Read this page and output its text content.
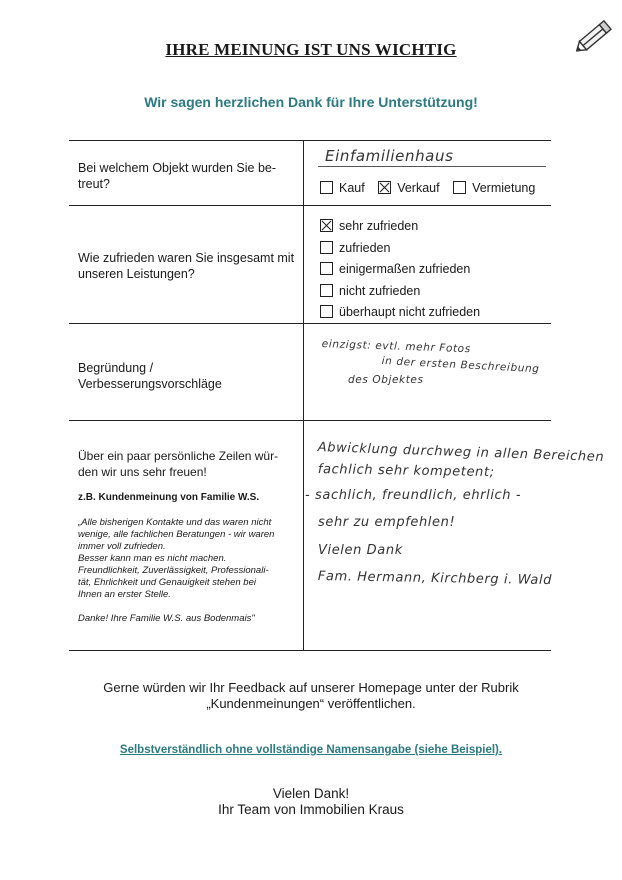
IHRE MEINUNG IST UNS WICHTIG
Wir sagen herzlichen Dank für Ihre Unterstützung!
Bei welchem Objekt wurden Sie be-
treut?
Einfamilienhaus
Kauf	Verkauf	Vermietung
Wie zufrieden waren Sie insgesamt mit
unseren Leistungen?
sehr zufrieden
zufrieden
einigermaßen zufrieden
nicht zufrieden
überhaupt nicht zufrieden
Begründung /
Verbesserungsvorschläge
einzigst: evtl. mehr Fotos
in der ersten Beschreibung
des Objektes
Über ein paar persönliche Zeilen wür-
den wir uns sehr freuen!
z.B. Kundenmeinung von Familie W.S.
„Alle bisherigen Kontakte und das waren nicht
wenige, alle fachlichen Beratungen - wir waren
immer voll zufrieden.
Besser kann man es nicht machen.
Freundlichkeit, Zuverlässigkeit, Professionali-
tät, Ehrlichkeit und Genauigkeit stehen bei
Ihnen an erster Stelle.
Danke! Ihre Familie W.S. aus Bodenmais"
Abwicklung durchweg in allen Bereichen
fachlich sehr kompetent;
- sachlich, freundlich, ehrlich -
sehr zu empfehlen!
Vielen Dank
Fam. Hermann, Kirchberg i. Wald
Gerne würden wir Ihr Feedback auf unserer Homepage unter der Rubrik
„Kundenmeinungen“ veröffentlichen.
Selbstverständlich ohne vollständige Namensangabe (siehe Beispiel).
Vielen Dank!
Ihr Team von Immobilien Kraus
